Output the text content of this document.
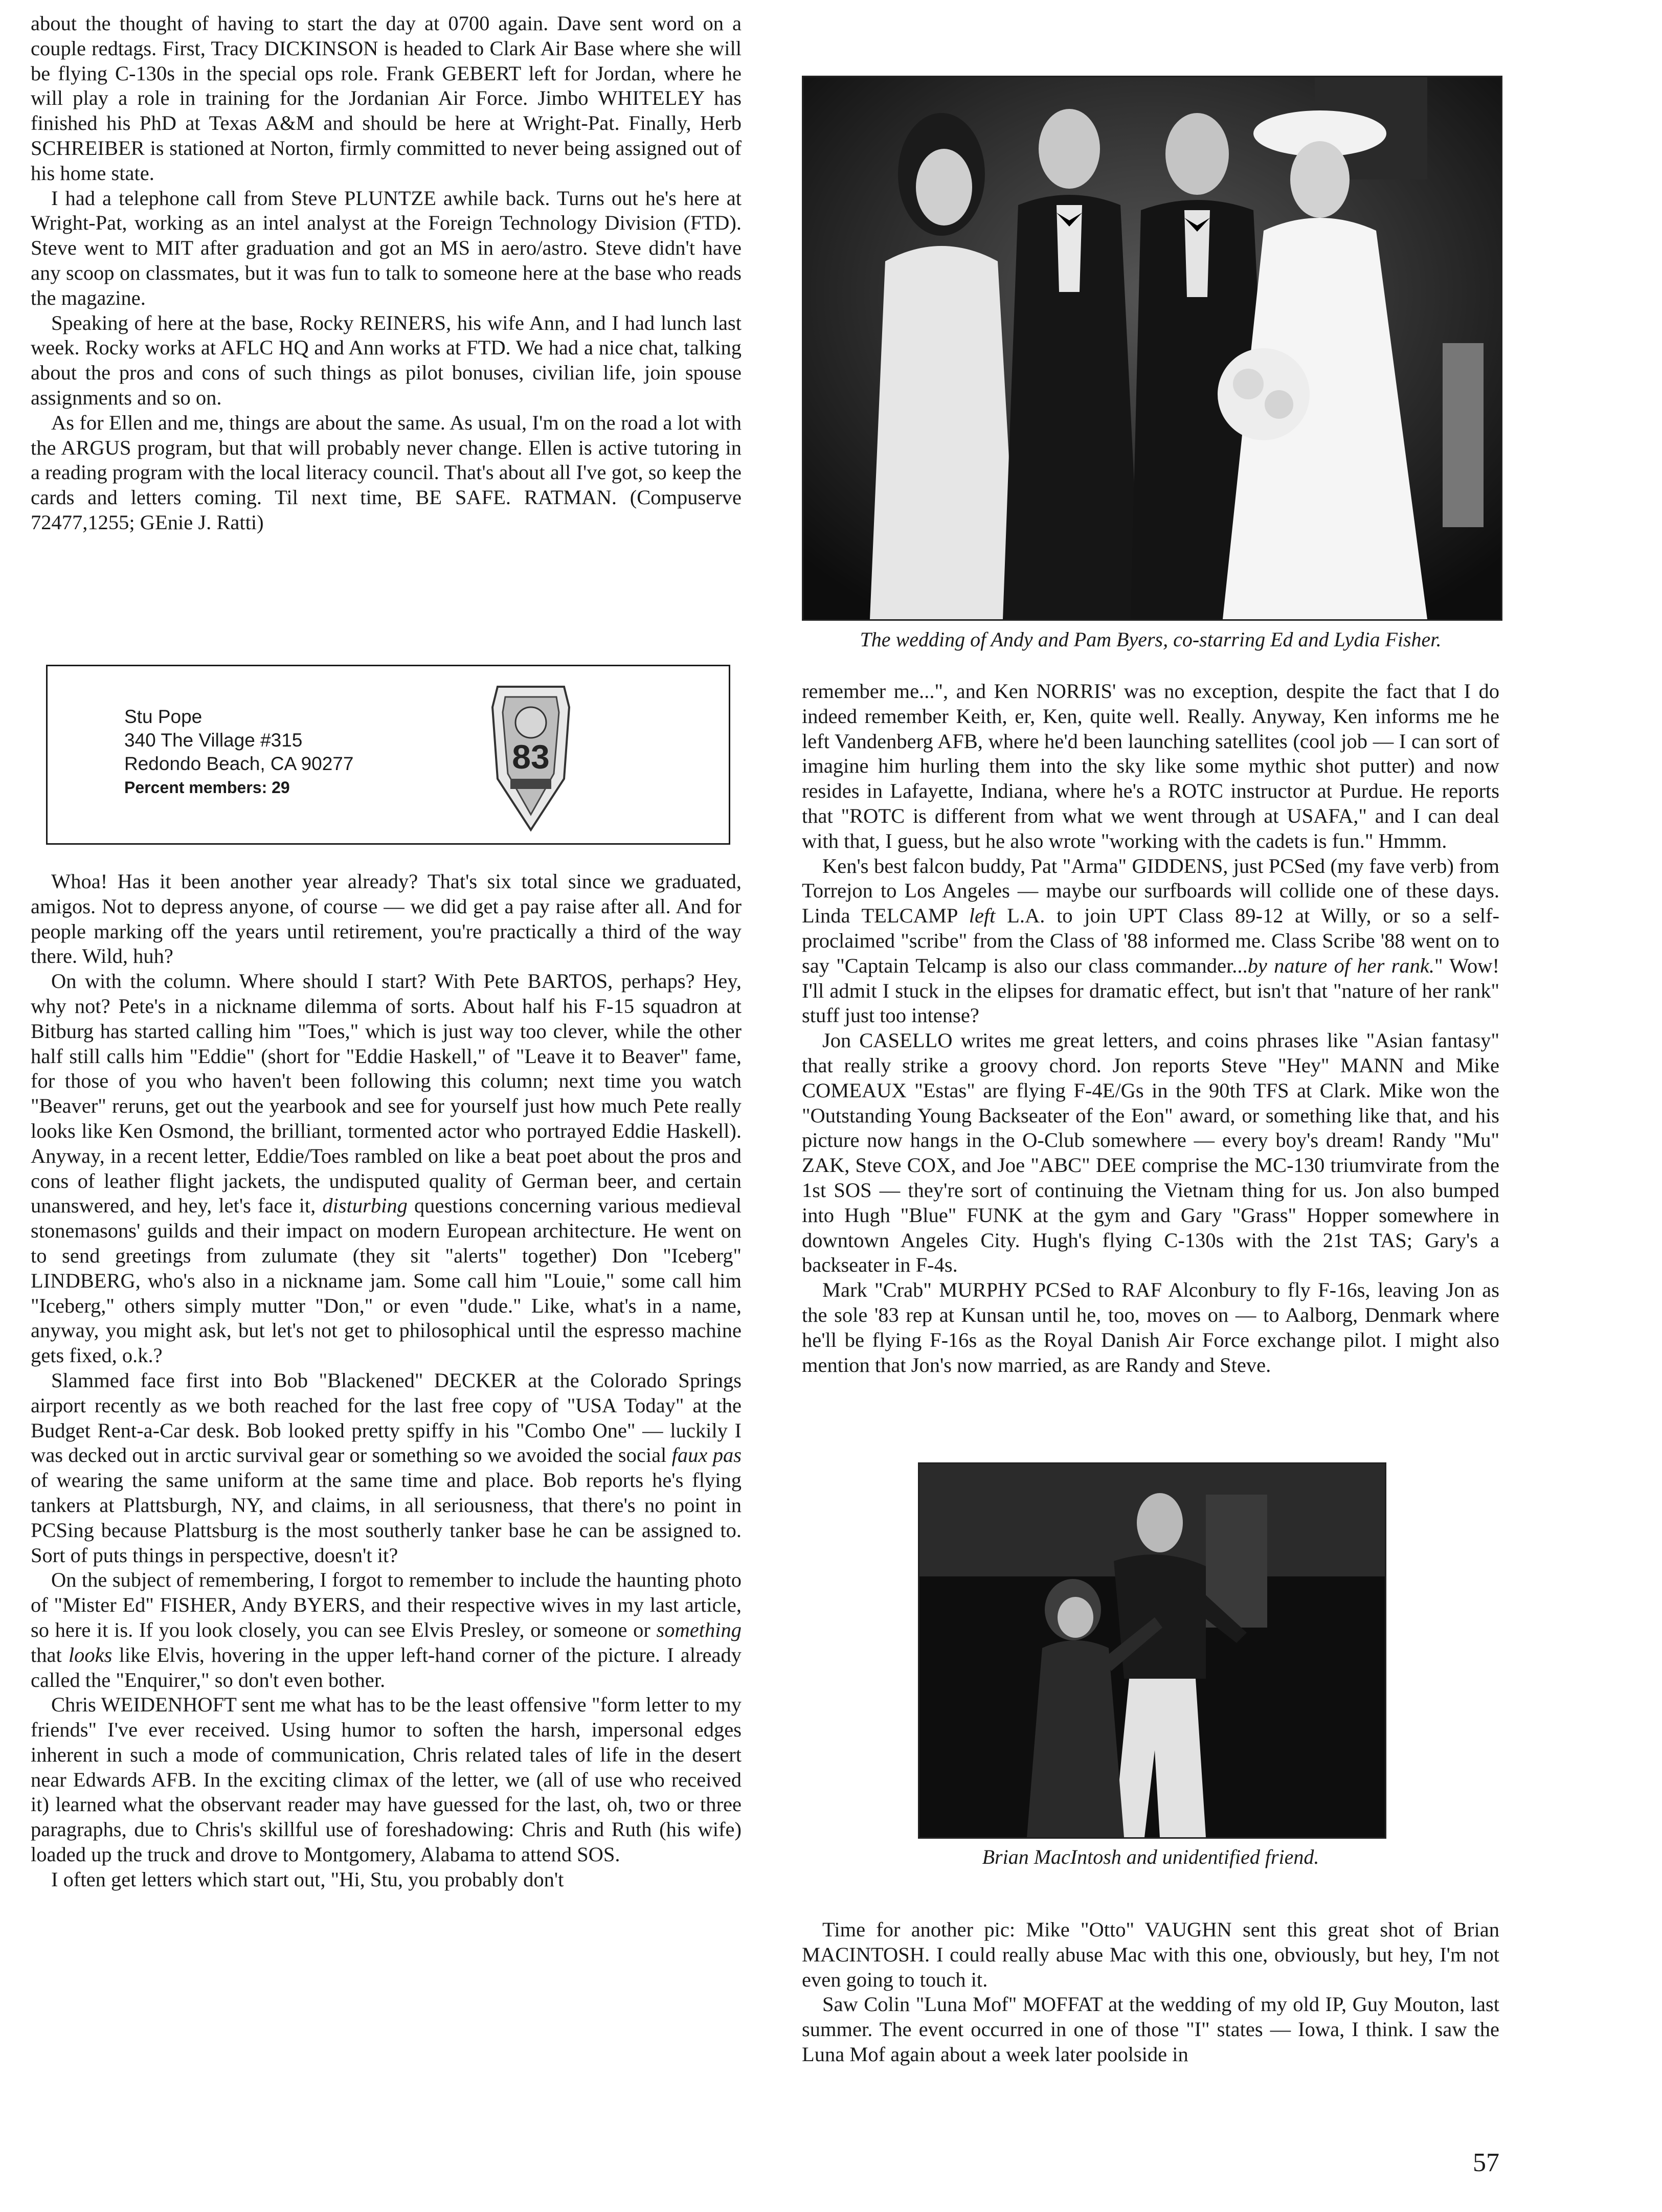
about the thought of having to start the day at 0700 again. Dave sent word on a couple redtags. First, Tracy DICKINSON is headed to Clark Air Base where she will be flying C-130s in the special ops role. Frank GEBERT left for Jordan, where he will play a role in training for the Jordanian Air Force. Jimbo WHITELEY has finished his PhD at Texas A&M and should be here at Wright-Pat. Finally, Herb SCHREIBER is stationed at Norton, firmly committed to never being assigned out of his home state.

I had a telephone call from Steve PLUNTZE awhile back. Turns out he's here at Wright-Pat, working as an intel analyst at the Foreign Technology Division (FTD). Steve went to MIT after graduation and got an MS in aero/astro. Steve didn't have any scoop on classmates, but it was fun to talk to someone here at the base who reads the magazine.

Speaking of here at the base, Rocky REINERS, his wife Ann, and I had lunch last week. Rocky works at AFLC HQ and Ann works at FTD. We had a nice chat, talking about the pros and cons of such things as pilot bonuses, civilian life, join spouse assignments and so on.

As for Ellen and me, things are about the same. As usual, I'm on the road a lot with the ARGUS program, but that will probably never change. Ellen is active tutoring in a reading program with the local literacy council. That's about all I've got, so keep the cards and letters coming. Til next time, BE SAFE. RATMAN. (Compuserve 72477,1255; GEnie J. Ratti)

Stu Pope
340 The Village #315
Redondo Beach, CA 90277
Percent members: 29
83

Whoa! Has it been another year already? That's six total since we graduated, amigos. Not to depress anyone, of course — we did get a pay raise after all. And for people marking off the years until retirement, you're practically a third of the way there. Wild, huh?

On with the column. Where should I start? With Pete BARTOS, perhaps? Hey, why not? Pete's in a nickname dilemma of sorts. About half his F-15 squadron at Bitburg has started calling him "Toes," which is just way too clever, while the other half still calls him "Eddie" (short for "Eddie Haskell," of "Leave it to Beaver" fame, for those of you who haven't been following this column; next time you watch "Beaver" reruns, get out the yearbook and see for yourself just how much Pete really looks like Ken Osmond, the brilliant, tormented actor who portrayed Eddie Haskell). Anyway, in a recent letter, Eddie/Toes rambled on like a beat poet about the pros and cons of leather flight jackets, the undisputed quality of German beer, and certain unanswered, and hey, let's face it, disturbing questions concerning various medieval stonemasons' guilds and their impact on modern European architecture. He went on to send greetings from zulumate (they sit "alerts" together) Don "Iceberg" LINDBERG, who's also in a nickname jam. Some call him "Louie," some call him "Iceberg," others simply mutter "Don," or even "dude." Like, what's in a name, anyway, you might ask, but let's not get to philosophical until the espresso machine gets fixed, o.k.?

Slammed face first into Bob "Blackened" DECKER at the Colorado Springs airport recently as we both reached for the last free copy of "USA Today" at the Budget Rent-a-Car desk. Bob looked pretty spiffy in his "Combo One" — luckily I was decked out in arctic survival gear or something so we avoided the social faux pas of wearing the same uniform at the same time and place. Bob reports he's flying tankers at Plattsburgh, NY, and claims, in all seriousness, that there's no point in PCSing because Plattsburg is the most southerly tanker base he can be assigned to. Sort of puts things in perspective, doesn't it?

On the subject of remembering, I forgot to remember to include the haunting photo of "Mister Ed" FISHER, Andy BYERS, and their respective wives in my last article, so here it is. If you look closely, you can see Elvis Presley, or someone or something that looks like Elvis, hovering in the upper left-hand corner of the picture. I already called the "Enquirer," so don't even bother.

Chris WEIDENHOFT sent me what has to be the least offensive "form letter to my friends" I've ever received. Using humor to soften the harsh, impersonal edges inherent in such a mode of communication, Chris related tales of life in the desert near Edwards AFB. In the exciting climax of the letter, we (all of use who received it) learned what the observant reader may have guessed for the last, oh, two or three paragraphs, due to Chris's skillful use of foreshadowing: Chris and Ruth (his wife) loaded up the truck and drove to Montgomery, Alabama to attend SOS.

I often get letters which start out, "Hi, Stu, you probably don't

The wedding of Andy and Pam Byers, co-starring Ed and Lydia Fisher.

remember me...", and Ken NORRIS' was no exception, despite the fact that I do indeed remember Keith, er, Ken, quite well. Really. Anyway, Ken informs me he left Vandenberg AFB, where he'd been launching satellites (cool job — I can sort of imagine him hurling them into the sky like some mythic shot putter) and now resides in Lafayette, Indiana, where he's a ROTC instructor at Purdue. He reports that "ROTC is different from what we went through at USAFA," and I can deal with that, I guess, but he also wrote "working with the cadets is fun." Hmmm.

Ken's best falcon buddy, Pat "Arma" GIDDENS, just PCSed (my fave verb) from Torrejon to Los Angeles — maybe our surfboards will collide one of these days. Linda TELCAMP left L.A. to join UPT Class 89-12 at Willy, or so a self-proclaimed "scribe" from the Class of '88 informed me. Class Scribe '88 went on to say "Captain Telcamp is also our class commander...by nature of her rank." Wow! I'll admit I stuck in the elipses for dramatic effect, but isn't that "nature of her rank" stuff just too intense?

Jon CASELLO writes me great letters, and coins phrases like "Asian fantasy" that really strike a groovy chord. Jon reports Steve "Hey" MANN and Mike COMEAUX "Estas" are flying F-4E/Gs in the 90th TFS at Clark. Mike won the "Outstanding Young Backseater of the Eon" award, or something like that, and his picture now hangs in the O-Club somewhere — every boy's dream! Randy "Mu" ZAK, Steve COX, and Joe "ABC" DEE comprise the MC-130 triumvirate from the 1st SOS — they're sort of continuing the Vietnam thing for us. Jon also bumped into Hugh "Blue" FUNK at the gym and Gary "Grass" Hopper somewhere in downtown Angeles City. Hugh's flying C-130s with the 21st TAS; Gary's a backseater in F-4s.

Mark "Crab" MURPHY PCSed to RAF Alconbury to fly F-16s, leaving Jon as the sole '83 rep at Kunsan until he, too, moves on — to Aalborg, Denmark where he'll be flying F-16s as the Royal Danish Air Force exchange pilot. I might also mention that Jon's now married, as are Randy and Steve.

Brian MacIntosh and unidentified friend.

Time for another pic: Mike "Otto" VAUGHN sent this great shot of Brian MACINTOSH. I could really abuse Mac with this one, obviously, but hey, I'm not even going to touch it.

Saw Colin "Luna Mof" MOFFAT at the wedding of my old IP, Guy Mouton, last summer. The event occurred in one of those "I" states — Iowa, I think. I saw the Luna Mof again about a week later poolside in

57
